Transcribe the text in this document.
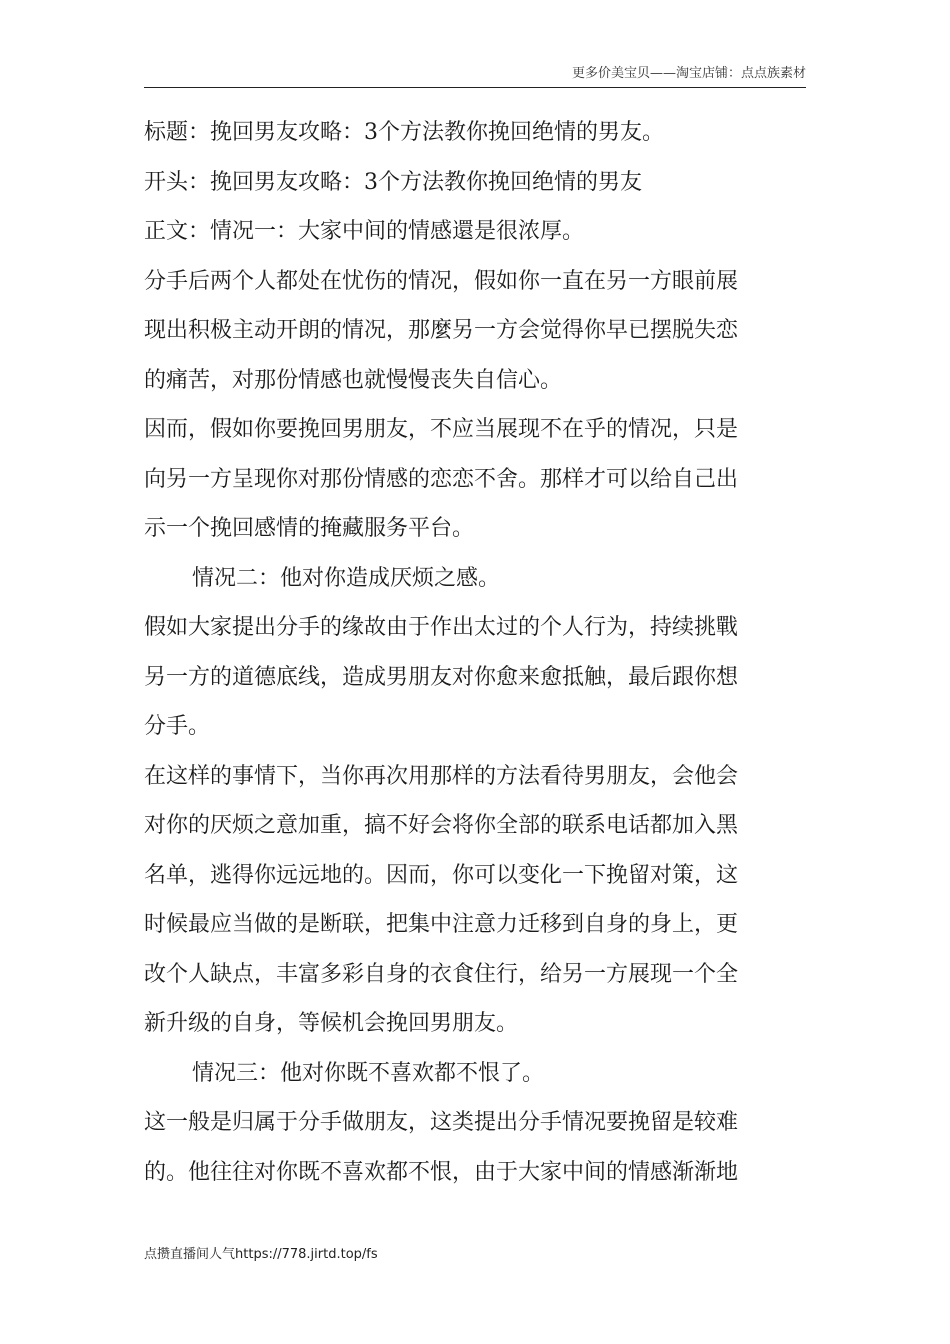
更多价美宝贝——淘宝店铺：点点族素材
标题：挽回男友攻略：3个方法教你挽回绝情的男友。
开头：挽回男友攻略：3个方法教你挽回绝情的男友
正文：情况一：大家中间的情感還是很浓厚。
分手后两个人都处在忧伤的情况，假如你一直在另一方眼前展
现出积极主动开朗的情况，那麼另一方会觉得你早已摆脱失恋
的痛苦，对那份情感也就慢慢丧失自信心。
因而，假如你要挽回男朋友，不应当展现不在乎的情况，只是
向另一方呈现你对那份情感的恋恋不舍。那样才可以给自己出
示一个挽回感情的掩藏服务平台。
情况二：他对你造成厌烦之感。
假如大家提出分手的缘故由于作出太过的个人行为，持续挑戰
另一方的道德底线，造成男朋友对你愈来愈抵触，最后跟你想
分手。
在这样的事情下，当你再次用那样的方法看待男朋友，会他会
对你的厌烦之意加重，搞不好会将你全部的联系电话都加入黑
名单，逃得你远远地的。因而，你可以变化一下挽留对策，这
时候最应当做的是断联，把集中注意力迁移到自身的身上，更
改个人缺点，丰富多彩自身的衣食住行，给另一方展现一个全
新升级的自身，等候机会挽回男朋友。
情况三：他对你既不喜欢都不恨了。
这一般是归属于分手做朋友，这类提出分手情况要挽留是较难
的。他往往对你既不喜欢都不恨，由于大家中间的情感渐渐地
点攒直播间人气https://778.jirtd.top/fs
